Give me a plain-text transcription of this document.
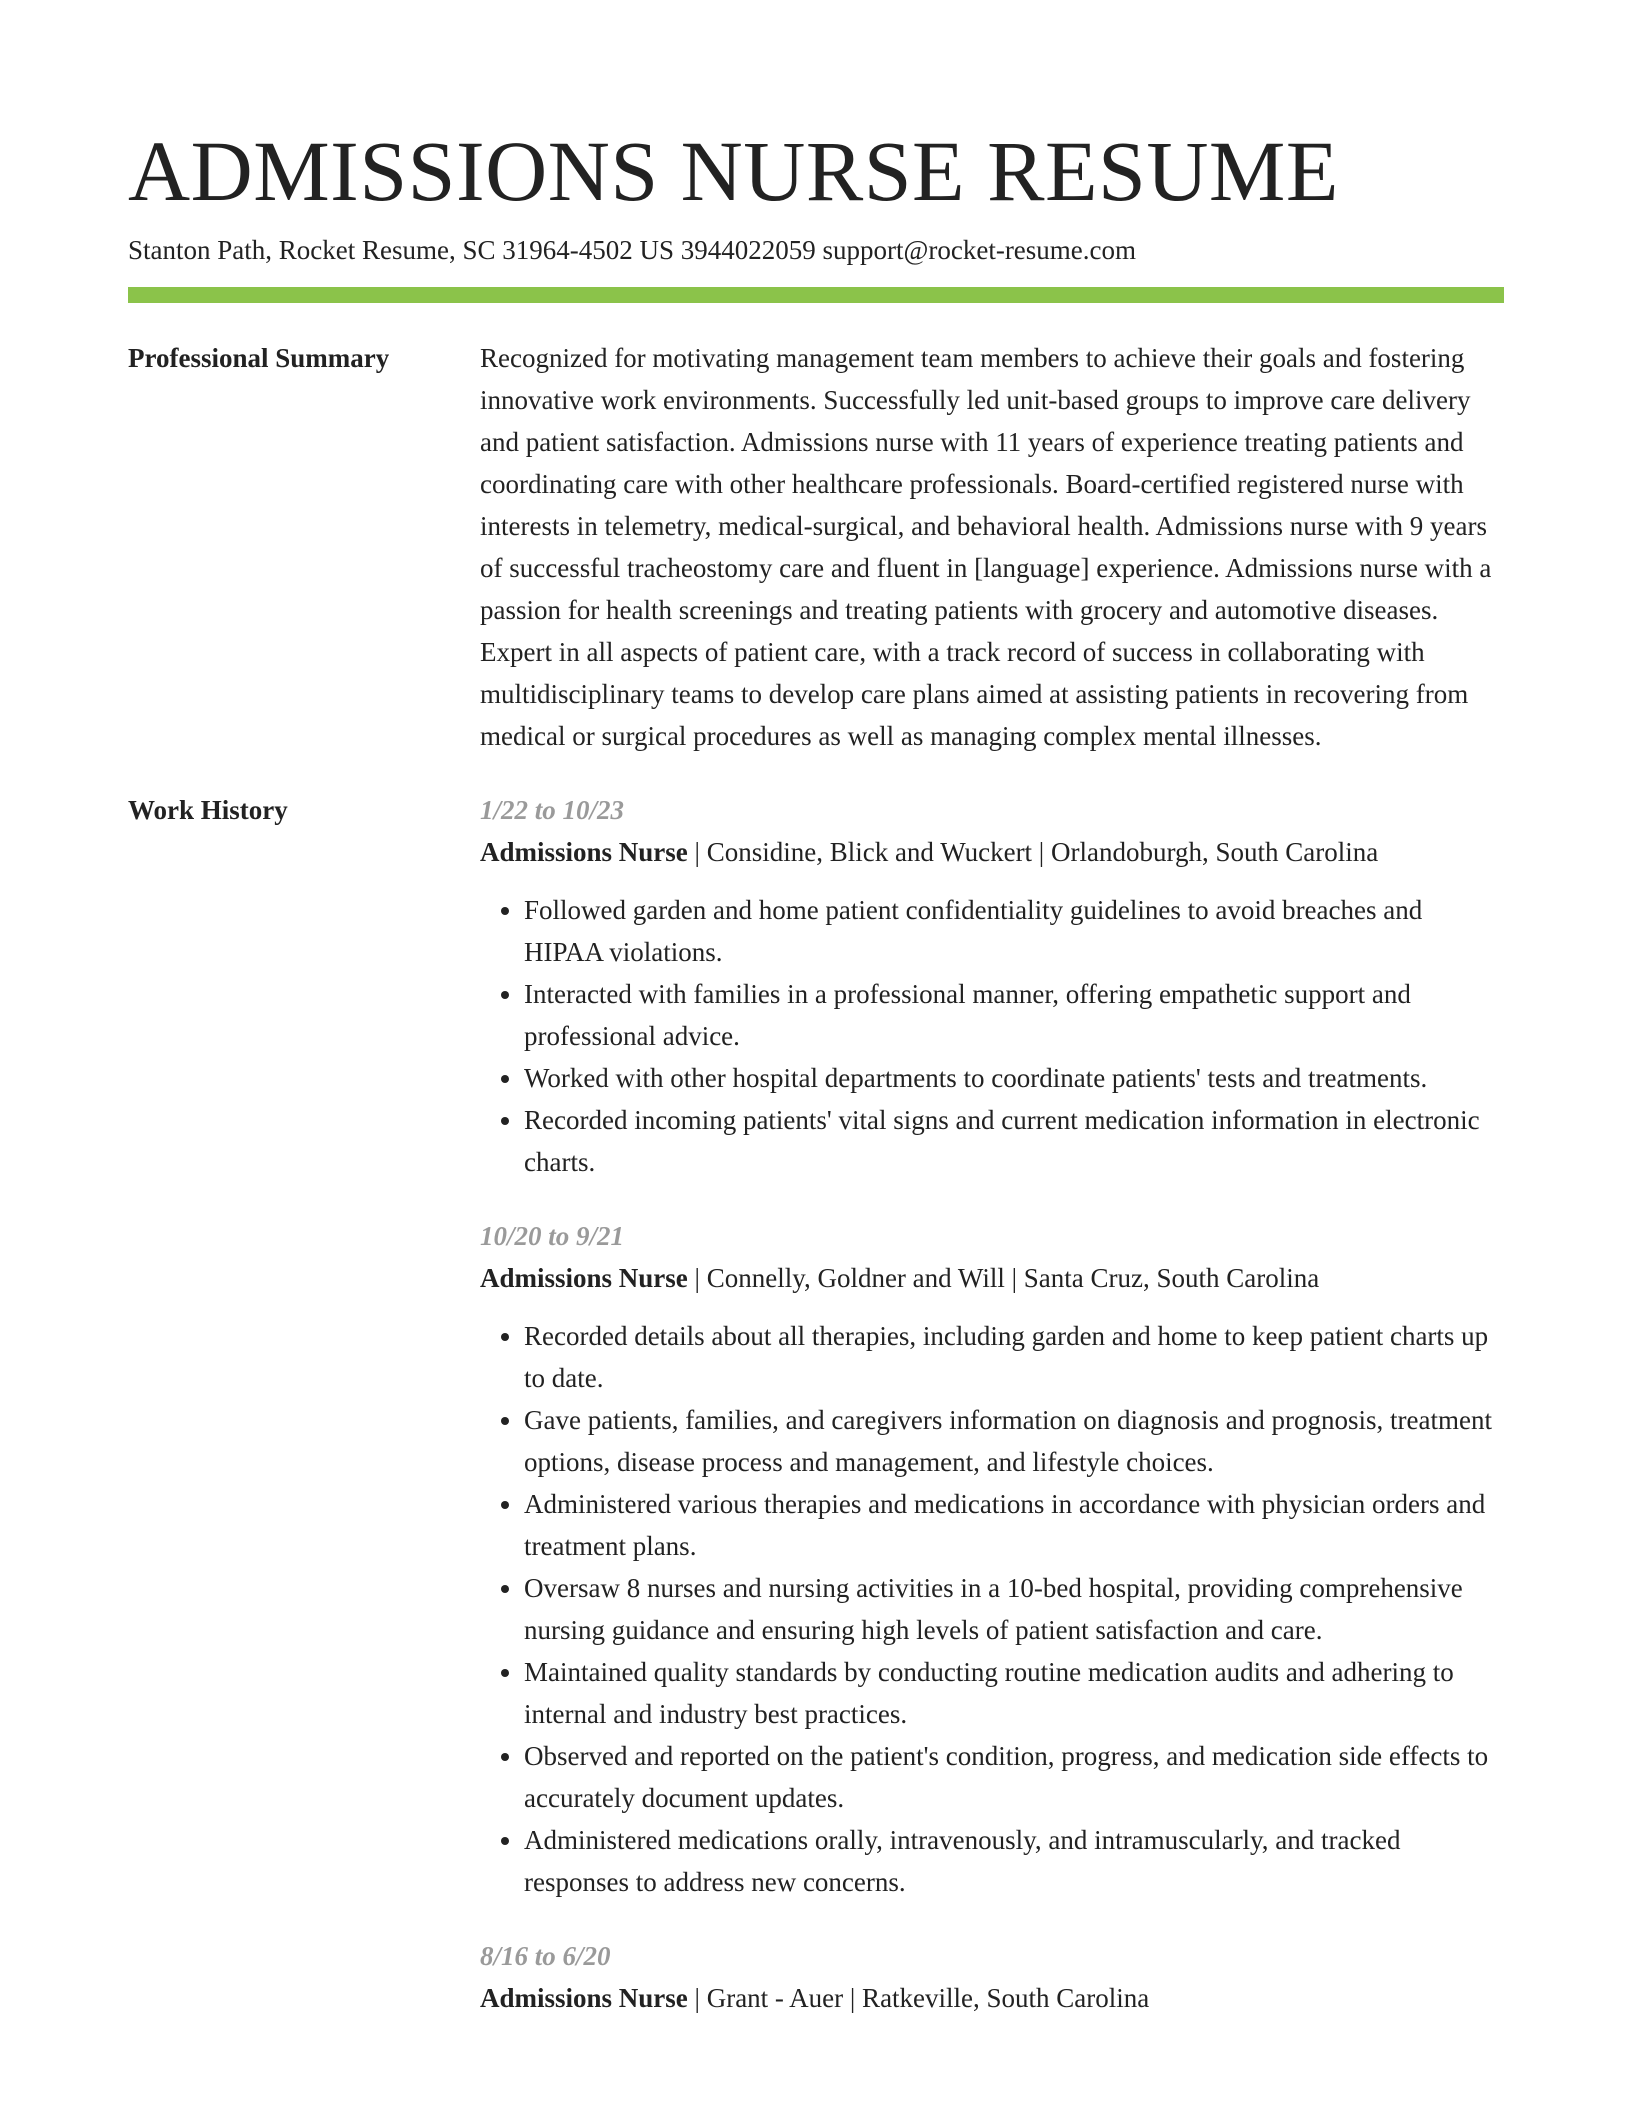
ADMISSIONS NURSE RESUME
Stanton Path, Rocket Resume, SC 31964-4502 US 3944022059 support@rocket-resume.com
Professional Summary	Recognized for motivating management team members to achieve their goals and fostering innovative work environments. Successfully led unit-based groups to improve care delivery and patient satisfaction. Admissions nurse with 11 years of experience treating patients and coordinating care with other healthcare professionals. Board-certified registered nurse with interests in telemetry, medical-surgical, and behavioral health. Admissions nurse with 9 years of successful tracheostomy care and fluent in [language] experience. Admissions nurse with a passion for health screenings and treating patients with grocery and automotive diseases. Expert in all aspects of patient care, with a track record of success in collaborating with multidisciplinary teams to develop care plans aimed at assisting patients in recovering from medical or surgical procedures as well as managing complex mental illnesses.

Work History	1/22 to 10/23
Admissions Nurse | Considine, Blick and Wuckert | Orlandoburgh, South Carolina
• Followed garden and home patient confidentiality guidelines to avoid breaches and HIPAA violations.
• Interacted with families in a professional manner, offering empathetic support and professional advice.
• Worked with other hospital departments to coordinate patients' tests and treatments.
• Recorded incoming patients' vital signs and current medication information in electronic charts.
10/20 to 9/21
Admissions Nurse | Connelly, Goldner and Will | Santa Cruz, South Carolina
• Recorded details about all therapies, including garden and home to keep patient charts up to date.
• Gave patients, families, and caregivers information on diagnosis and prognosis, treatment options, disease process and management, and lifestyle choices.
• Administered various therapies and medications in accordance with physician orders and treatment plans.
• Oversaw 8 nurses and nursing activities in a 10-bed hospital, providing comprehensive nursing guidance and ensuring high levels of patient satisfaction and care.
• Maintained quality standards by conducting routine medication audits and adhering to internal and industry best practices.
• Observed and reported on the patient's condition, progress, and medication side effects to accurately document updates.
• Administered medications orally, intravenously, and intramuscularly, and tracked responses to address new concerns.
8/16 to 6/20
Admissions Nurse | Grant - Auer | Ratkeville, South Carolina
